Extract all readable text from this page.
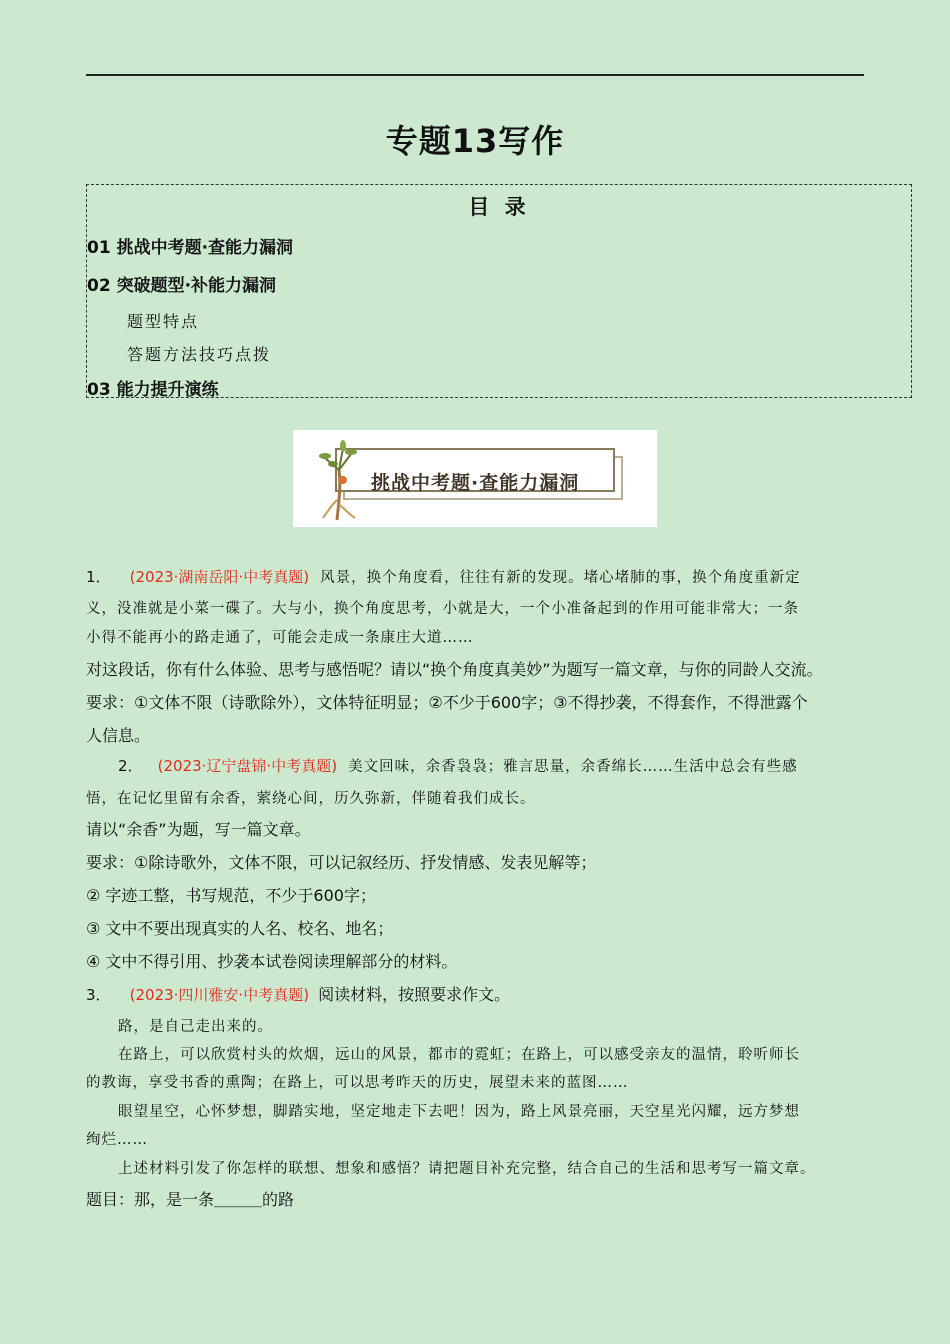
专题13写作
目 录
01 挑战中考题·查能力漏洞
02 突破题型·补能力漏洞
题型特点
答题方法技巧点拨
03 能力提升演练
挑战中考题·查能力漏洞
1． (2023·湖南岳阳·中考真题) 风景，换个角度看，往往有新的发现。堵心堵肺的事，换个角度重新定
义，没准就是小菜一碟了。大与小，换个角度思考，小就是大，一个小准备起到的作用可能非常大；一条
小得不能再小的路走通了，可能会走成一条康庄大道……
对这段话，你有什么体验、思考与感悟呢？请以“换个角度真美妙”为题写一篇文章，与你的同龄人交流。
要求：①文体不限（诗歌除外），文体特征明显；②不少于600字；③不得抄袭，不得套作，不得泄露个
人信息。
2． (2023·辽宁盘锦·中考真题) 美文回味，余香袅袅；雅言思量，余香绵长……生活中总会有些感
悟，在记忆里留有余香，萦绕心间，历久弥新，伴随着我们成长。
请以“余香”为题，写一篇文章。
要求：①除诗歌外，文体不限，可以记叙经历、抒发情感、发表见解等；
② 字迹工整，书写规范，不少于600字；
③ 文中不要出现真实的人名、校名、地名；
④ 文中不得引用、抄袭本试卷阅读理解部分的材料。
3． (2023·四川雅安·中考真题) 阅读材料，按照要求作文。
路，是自己走出来的。
在路上，可以欣赏村头的炊烟，远山的风景，都市的霓虹；在路上，可以感受亲友的温情，聆听师长
的教诲，享受书香的熏陶；在路上，可以思考昨天的历史，展望未来的蓝图……
眼望星空，心怀梦想，脚踏实地，坚定地走下去吧！因为，路上风景亮丽，天空星光闪耀，远方梦想
绚烂……
上述材料引发了你怎样的联想、想象和感悟？请把题目补充完整，结合自己的生活和思考写一篇文章。
题目：那，是一条＿＿＿的路
